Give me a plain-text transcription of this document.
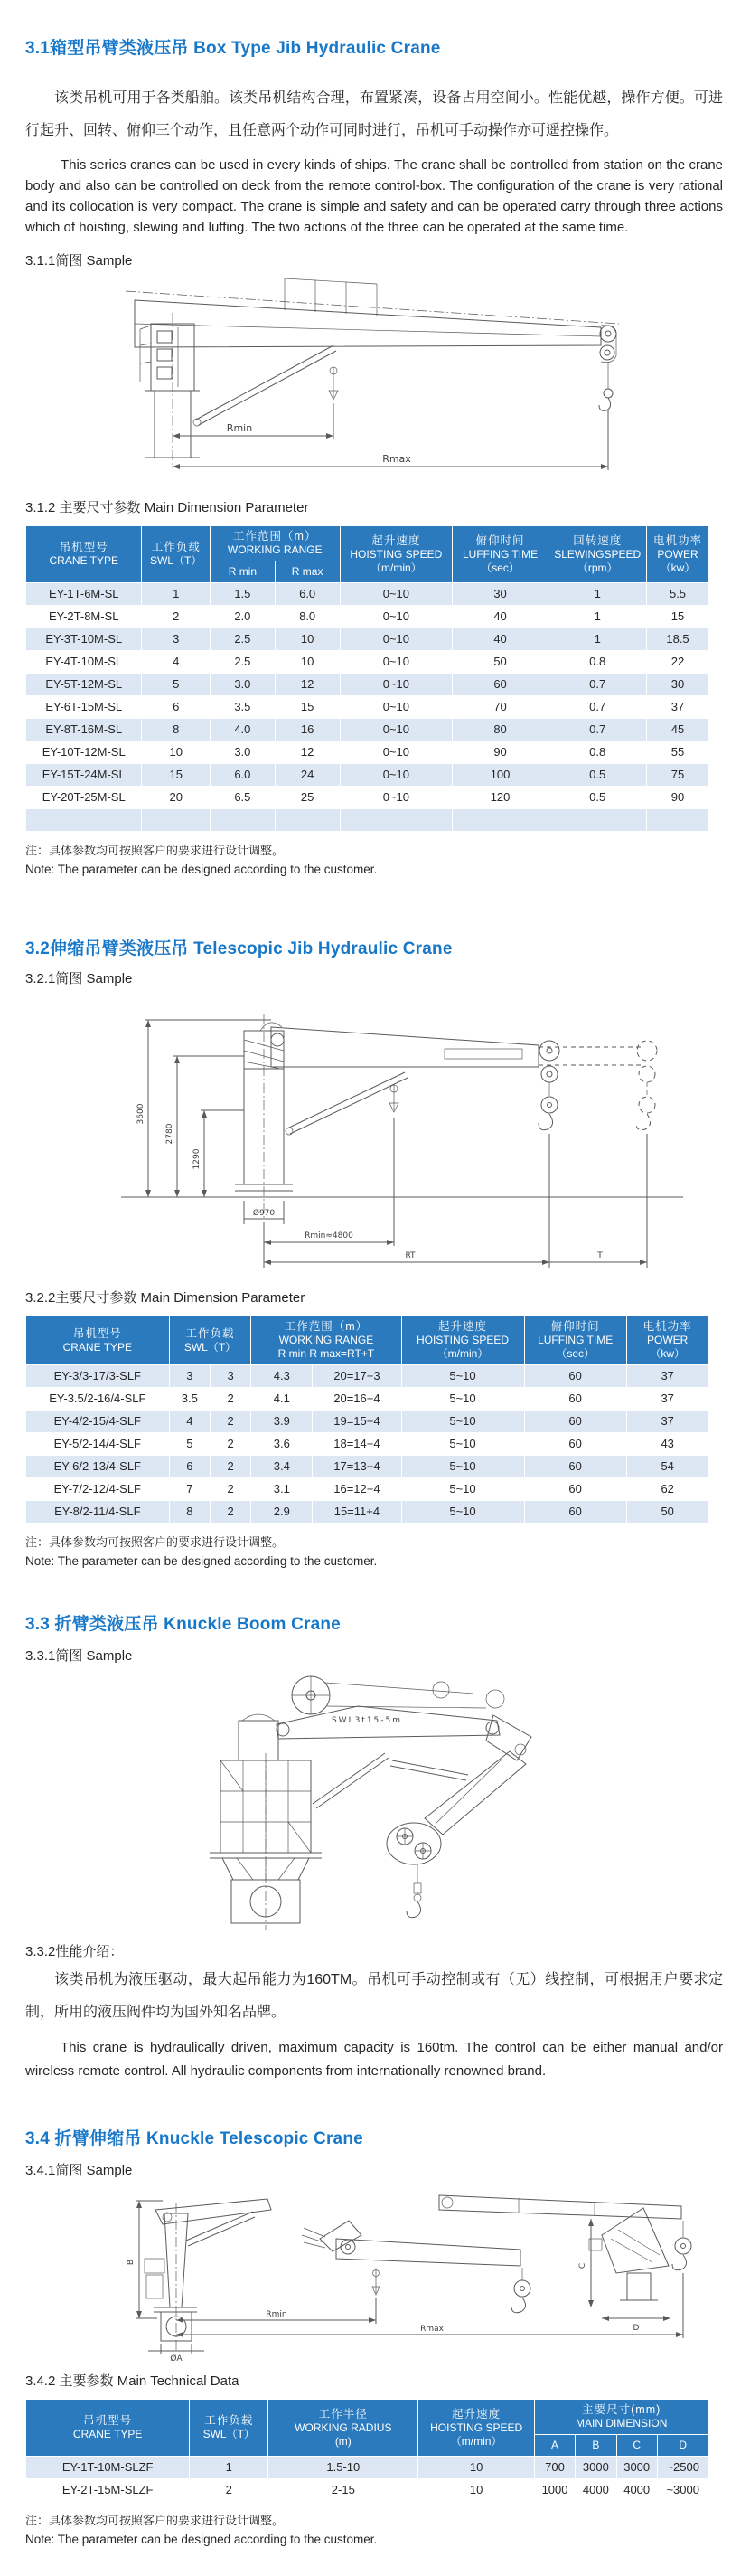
3.1箱型吊臂类液压吊 Box Type Jib Hydraulic Crane

该类吊机可用于各类船舶。该类吊机结构合理，布置紧凑，设备占用空间小。性能优越，操作方便。可进行起升、回转、俯仰三个动作，且任意两个动作可同时进行，吊机可手动操作亦可遥控操作。

This series cranes can be used in every kinds of ships. The crane shall be controlled from station on the crane body and also can be controlled on deck from the remote control-box. The configuration of the crane is very rational and its collocation is very compact. The crane is simple and safety and can be operated carry through three actions which of hoisting, slewing and luffing. The two actions of the three can be operated at the same time.

3.1.1简图 Sample
Rmin
Rmax
3.1.2 主要尺寸参数 Main Dimension Parameter
吊机型号
CRANE TYPE

工作负载
SWL（T）

工作范围（m）
WORKING RANGE

起升速度
HOISTING SPEED
（m/min）

俯仰时间
LUFFING TIME
（sec）

回转速度
SLEWINGSPEED
（rpm）

电机功率
POWER
（kw）

		R min	R max				
EY-1T-6M-SL	1	1.5	6.0	0~10	30	1	5.5
EY-2T-8M-SL	2	2.0	8.0	0~10	40	1	15
EY-3T-10M-SL	3	2.5	10	0~10	40	1	18.5
EY-4T-10M-SL	4	2.5	10	0~10	50	0.8	22
EY-5T-12M-SL	5	3.0	12	0~10	60	0.7	30
EY-6T-15M-SL	6	3.5	15	0~10	70	0.7	37
EY-8T-16M-SL	8	4.0	16	0~10	80	0.7	45
EY-10T-12M-SL	10	3.0	12	0~10	90	0.8	55
EY-15T-24M-SL	15	6.0	24	0~10	100	0.5	75
EY-20T-25M-SL	20	6.5	25	0~10	120	0.5	90

注：具体参数均可按照客户的要求进行设计调整。
Note: The parameter can be designed according to the customer.
3.2伸缩吊臂类液压吊 Telescopic Jib Hydraulic Crane
3.2.1简图 Sample
3600
2780
1290
Ø970
Rmin≈4800
RT	T
3.2.2主要尺寸参数 Main Dimension Parameter
吊机型号
CRANE TYPE

工作负载
SWL（T）

工作范围（m）
WORKING RANGE
R min R max=RT+T

起升速度
HOISTING SPEED
（m/min）

俯仰时间
LUFFING TIME
（sec）

电机功率
POWER
（kw）

EY-3/3-17/3-SLF	3	3	4.3	20=17+3	5~10	60	37
EY-3.5/2-16/4-SLF	3.5	2	4.1	20=16+4	5~10	60	37
EY-4/2-15/4-SLF	4	2	3.9	19=15+4	5~10	60	37
EY-5/2-14/4-SLF	5	2	3.6	18=14+4	5~10	60	43
EY-6/2-13/4-SLF	6	2	3.4	17=13+4	5~10	60	54
EY-7/2-12/4-SLF	7	2	3.1	16=12+4	5~10	60	62
EY-8/2-11/4-SLF	8	2	2.9	15=11+4	5~10	60	50
注：具体参数均可按照客户的要求进行设计调整。
Note: The parameter can be designed according to the customer.
3.3 折臂类液压吊 Knuckle Boom Crane
3.3.1简图 Sample
SWL3t15-5m
3.3.2性能介绍：

该类吊机为液压驱动，最大起吊能力为160TM。吊机可手动控制或有（无）线控制，可根据用户要求定制，所用的液压阀件均为国外知名品牌。

This crane is hydraulically driven, maximum capacity is 160tm. The control can be either manual and/or wireless remote control. All hydraulic components from internationally renowned brand.

3.4 折臂伸缩吊 Knuckle Telescopic Crane
3.4.1简图 Sample
B
C
D
Rmin
Rmax
ØA
3.4.2 主要参数 Main Technical Data
吊机型号
CRANE TYPE

工作负载
SWL（T）

工作半径
WORKING RADIUS
(m)

起升速度
HOISTING SPEED
（m/min）

主要尺寸(mm)
MAIN DIMENSION

				A	B	C	D
EY-1T-10M-SLZF	1	1.5-10	10	700	3000	3000	~2500
EY-2T-15M-SLZF	2	2-15	10	1000	4000	4000	~3000
注：具体参数均可按照客户的要求进行设计调整。
Note: The parameter can be designed according to the customer.
